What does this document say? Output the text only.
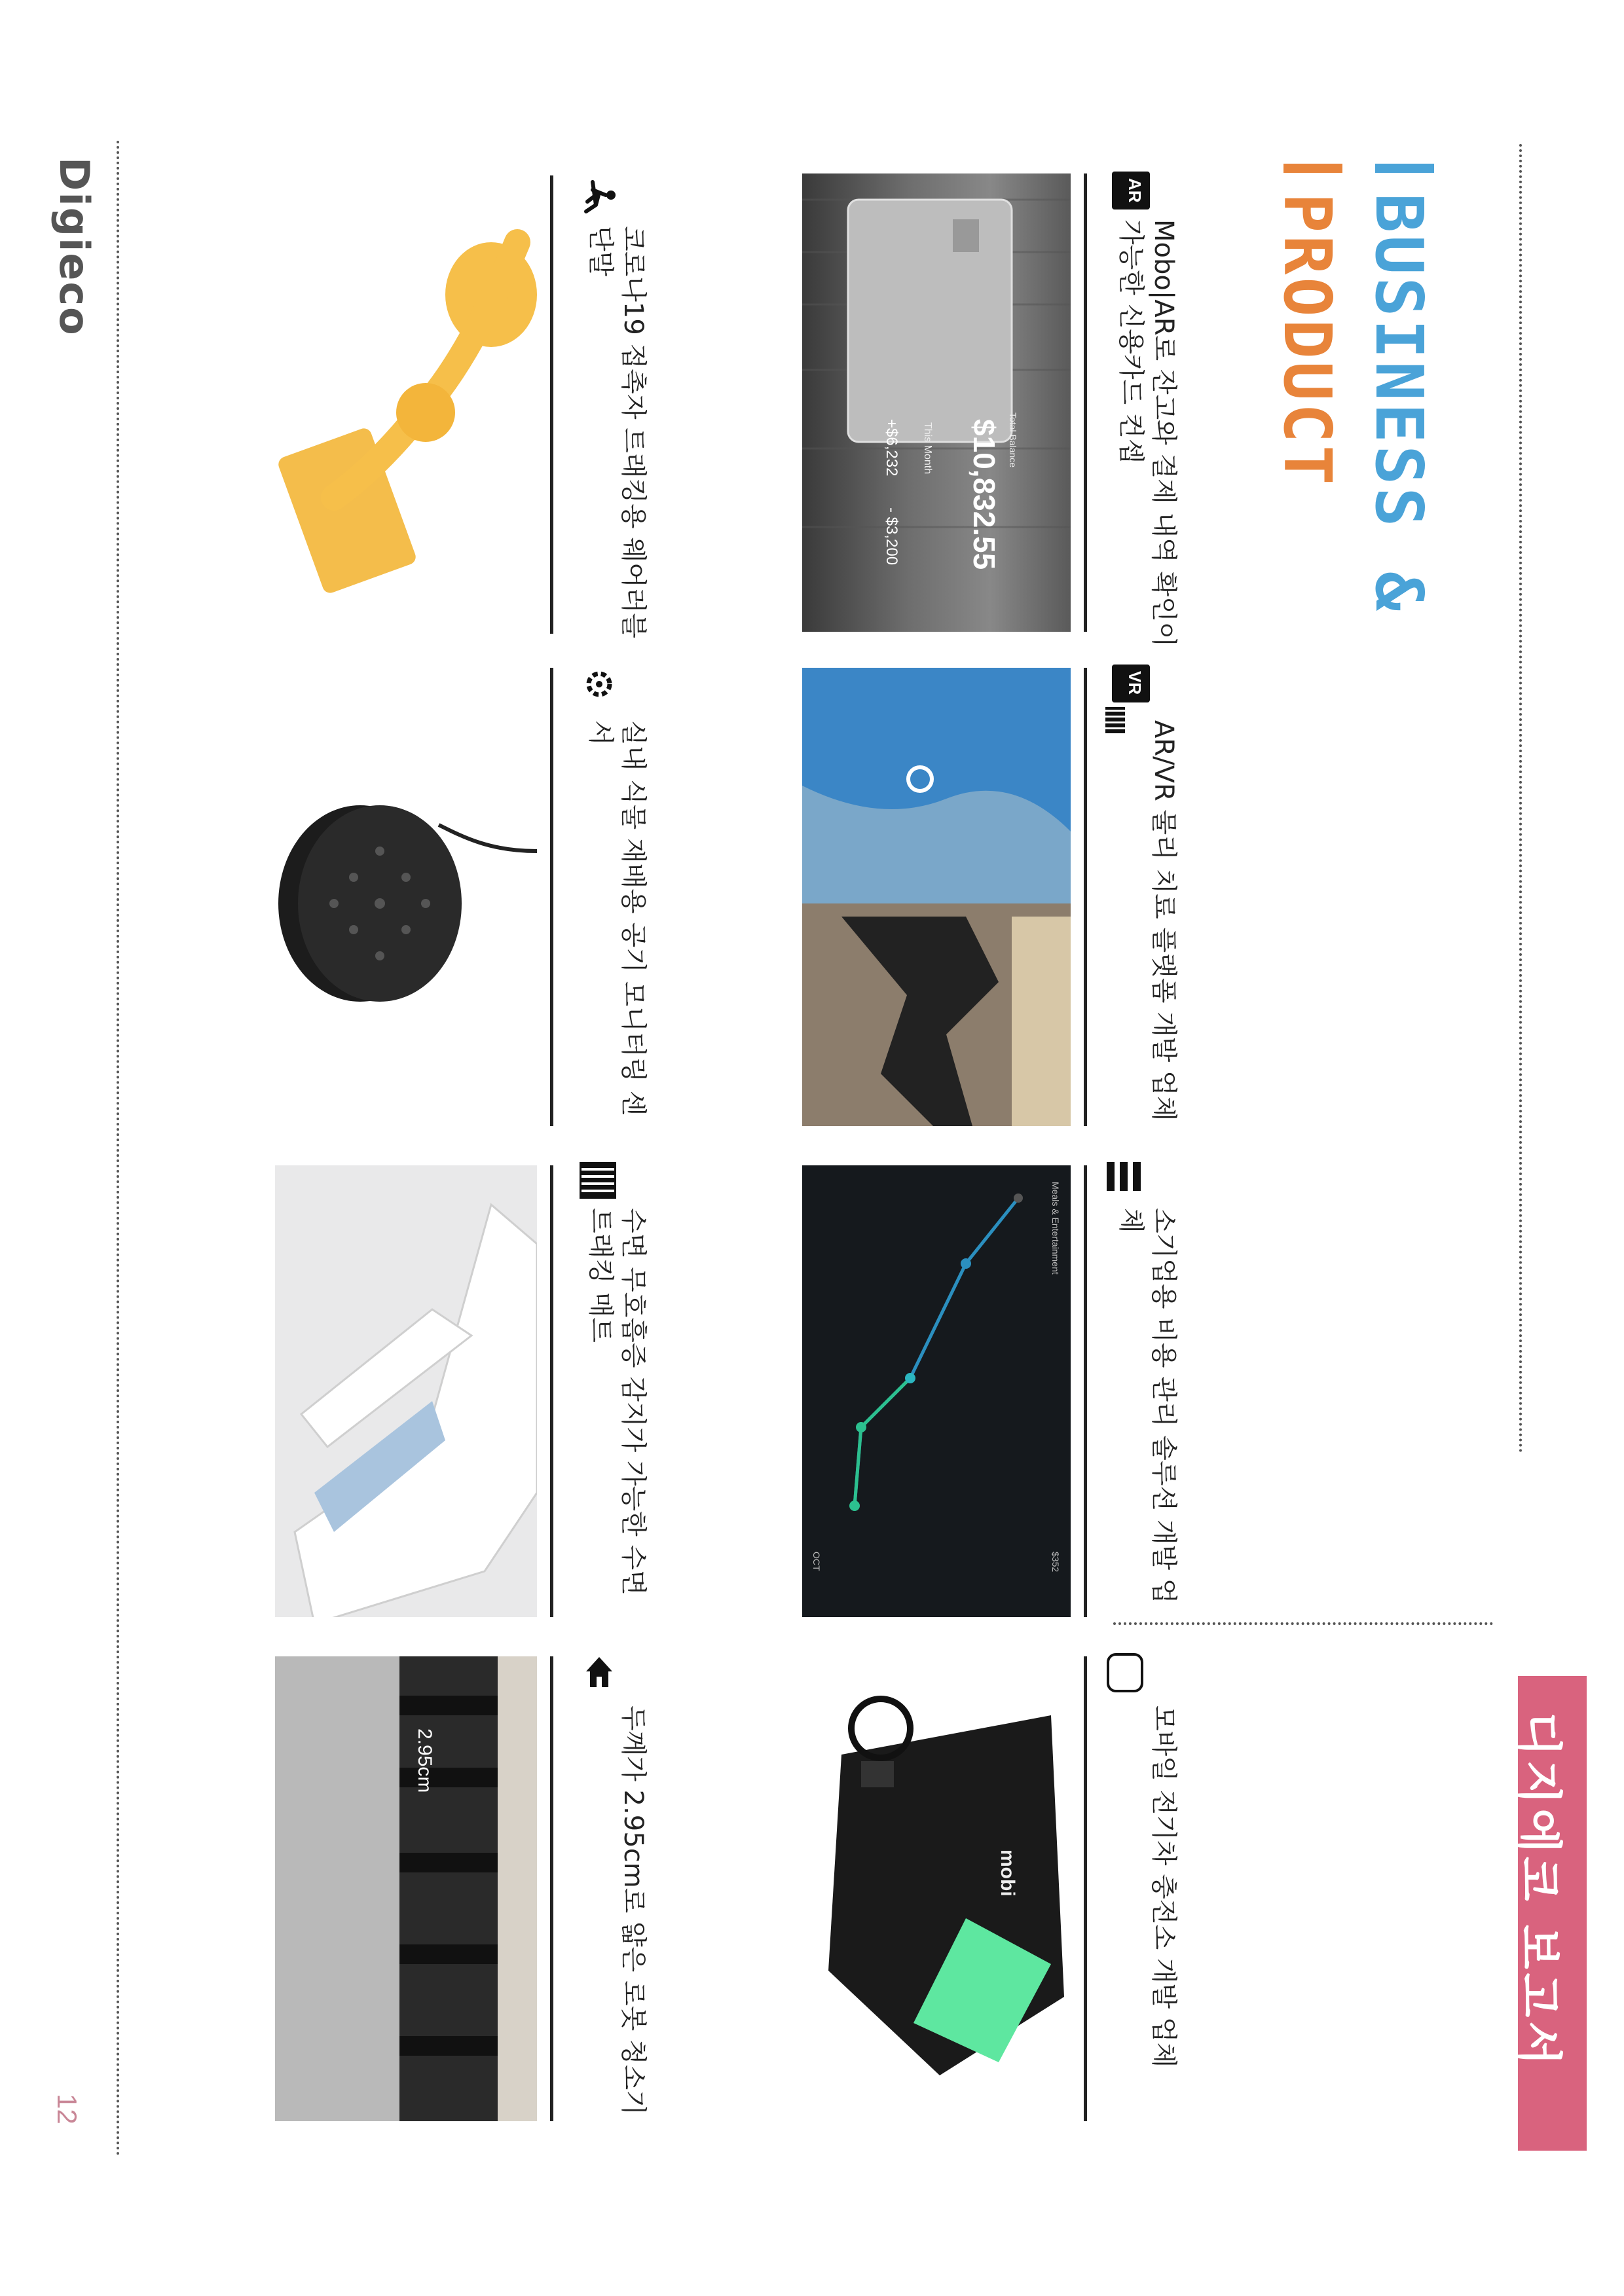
Digieco
12
BUSINESS &
PRODUCT
디지에코 보고서
AR
Mobo|AR로 잔고와 결제 내역 확인이
가능한 신용카드 컨셉
Total Balance
$10,832.55
This Month
+$6,232
- $3,200
VR
AR/VR 물리 치료 플랫폼 개발 업체
소기업용 비용 관리 솔루션 개발 업
체
Meals & Entertainment
$352
OCT
모바일 전기차 충전소 개발 업체
mobi
코로나19 접촉자 트래킹용 웨어러블
단말
실내 식물 재배용 공기 모니터링 센
서
수면 무호흡증 감지가 가능한 수면
트래킹 매트
두께가 2.95cm로 얇은 로봇 청소기
2.95cm
